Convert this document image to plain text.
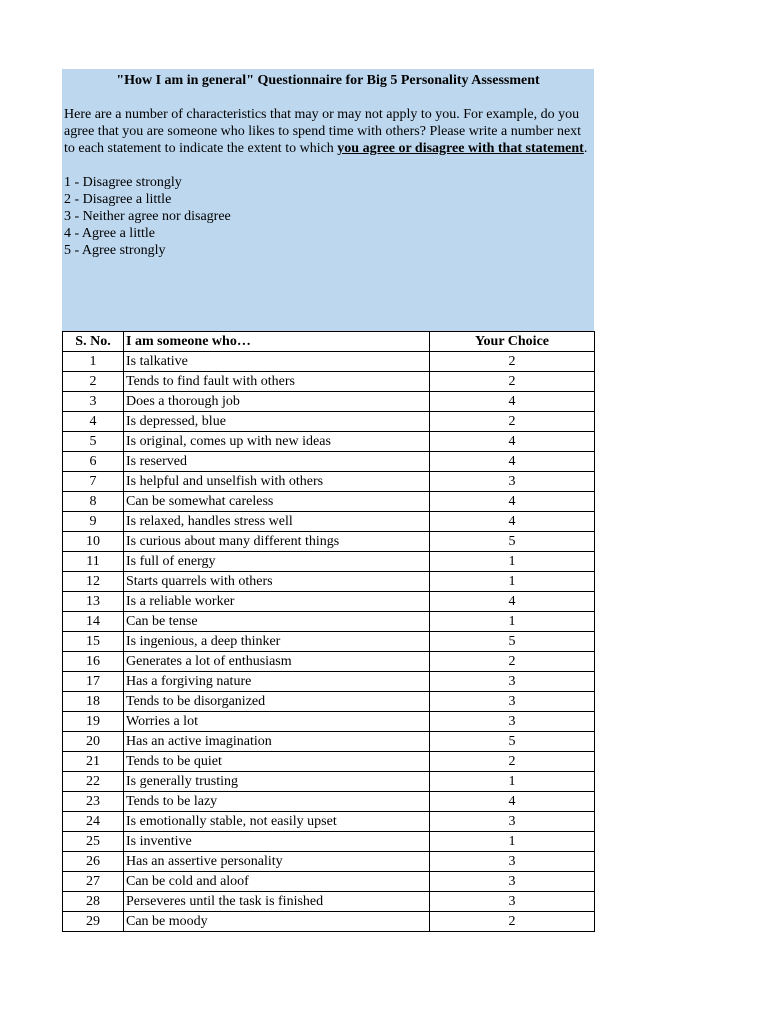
"How I am in general" Questionnaire for Big 5 Personality Assessment
Here are a number of characteristics that may or may not apply to you. For example, do you agree that you are someone who likes to spend time with others? Please write a number next to each statement to indicate the extent to which you agree or disagree with that statement.
1 - Disagree strongly
2 - Disagree a little
3 - Neither agree nor disagree
4 - Agree a little
5 - Agree strongly
S. No.	I am someone who…	Your Choice
1	Is talkative	2
2	Tends to find fault with others	2
3	Does a thorough job	4
4	Is depressed, blue	2
5	Is original, comes up with new ideas	4
6	Is reserved	4
7	Is helpful and unselfish with others	3
8	Can be somewhat careless	4
9	Is relaxed, handles stress well	4
10	Is curious about many different things	5
11	Is full of energy	1
12	Starts quarrels with others	1
13	Is a reliable worker	4
14	Can be tense	1
15	Is ingenious, a deep thinker	5
16	Generates a lot of enthusiasm	2
17	Has a forgiving nature	3
18	Tends to be disorganized	3
19	Worries a lot	3
20	Has an active imagination	5
21	Tends to be quiet	2
22	Is generally trusting	1
23	Tends to be lazy	4
24	Is emotionally stable, not easily upset	3
25	Is inventive	1
26	Has an assertive personality	3
27	Can be cold and aloof	3
28	Perseveres until the task is finished	3
29	Can be moody	2
